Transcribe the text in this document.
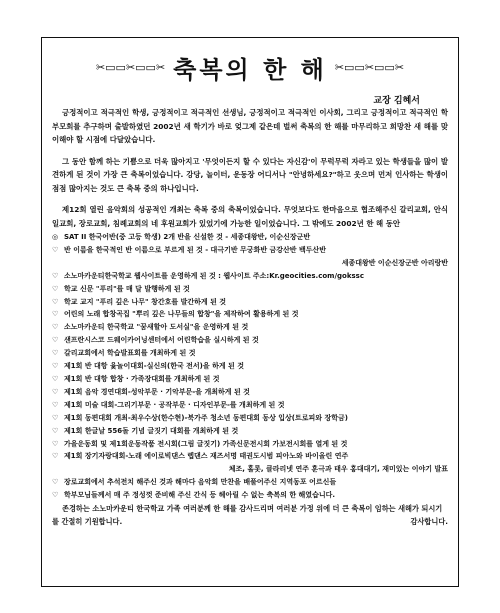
✂▭▭✂▭▭✂ 축복의 한 해 ✂▭▭✂▭▭✂
교장 김혜서

긍정적이고 적극적인 학생, 긍정적이고 적극적인 선생님, 긍정적이고 적극적인 이사회, 그리고 긍정적이고 적극적인 학부모회를 추구하며 출발하였던 2002년 새 학기가 바로 엊그제 같은데 벌써 축복의 한 해를 마무리하고 희망찬 새 해를 맞이해야 할 시점에 다달았습니다.

그 동안 함께 하는 기쁨으로 더욱 많아지고 '무엇이든지 할 수 있다는 자신감'이 무럭무럭 자라고 있는 학생들을 많이 발견하게 된 것이 가장 큰 축복이었습니다. 강당, 놀이터, 운동장 어디서나 "안녕하세요?"하고 웃으며 먼저 인사하는 학생이 점점 많아지는 것도 큰 축복 중의 하나입니다.

제12회 열린 음악회의 성공적인 개최는 축복 중의 축복이었습니다. 무엇보다도 한마음으로 협조해주신 갈리교회, 안식일교회, 장로교회, 침례교회의 네 후원교회가 있었기에 가능한 일이었습니다. 그 밖에도 2002년 한 해 동안

◎ SAT II 한국어반(중 고등 학생) 2개 반을 신설한 것 - 세종대왕반, 이순신장군반
♡ 반 이름을 한국적인 반 이름으로 부르게 된 것 - 대극기반 무궁화반 금강산반 백두산반
세종대왕반 이순신장군반 아리랑반
♡ 소노마카운티한국학교 웹사이트를 운영하게 된 것 : 웹사이트 주소:Kr.geocities.com/gokssc
♡ 학교 신문 "푸리"를 매 달 발행하게 된 것
♡ 학교 교지 "푸리 깊은 나무" 창간호를 발간하게 된 것
♡ 어린의 노래 합창곡집 "뿌리 깊은 나무들의 합창"을 제작하여 활용하게 된 것
♡ 소노마카운티 한국학교 "꿈새할아 도서실"을 운영하게 된 것
♡ 샌프란시스코 드웨이카어닝센터에서 어린학습을 실시하게 된 것
♡ 갈리교회에서 학습발표회를 개최하게 된 것
♡ 제1회 반 대항 윷놀이대회-실신의(한국 전서)을 하게 된 것
♡ 제1회 반 대항 합창 · 가족장대회를 개최하게 된 것
♡ 제1회 음악 경연대회-성악부문 · 기악부문-을 개최하게 된 것
♡ 제1회 미술 대회-그리기부문 · 공작부문 · 디자인부문-를 개최하게 된 것
♡ 제1회 동편대회 개최-최우수상(한수현)-북가주 청소년 동편대회 동상 입상(트로피와 장학금)
♡ 제1회 한글날 556돌 기념 글짓기 대회를 개최하게 된 것
♡ 가을운동회 및 제1회운동작품 전시회(그림 글짓기) 가족신문전시회 가보전시회를 열게 된 것
♡ 제1회 장기자랑대회-노래 에이로빅댄스 렙댄스 재즈서명 태권도시범 피아노와 바이올린 연주
체조, 홀롯, 클라리넷 연주 훈극과 태우 홍대대기, 재미있는 이야기 발표
♡ 장로교회에서 추석전치 해주신 것과 해마다 음악회 만찬을 배풀어주신 지역동포 어르신들
♡ 학부모님들께서 매 주 정성껏 준비해 주신 간식 등 헤아릴 수 없는 축복의 한 해였습니다.
존경하는 소노마카운티 한국학교 가족 여러분께 한 해를 감사드리며 여러분 가정 위에 더 큰 축복이 임하는 새해가 되시기를 간절히 기원합니다.	감사합니다.
